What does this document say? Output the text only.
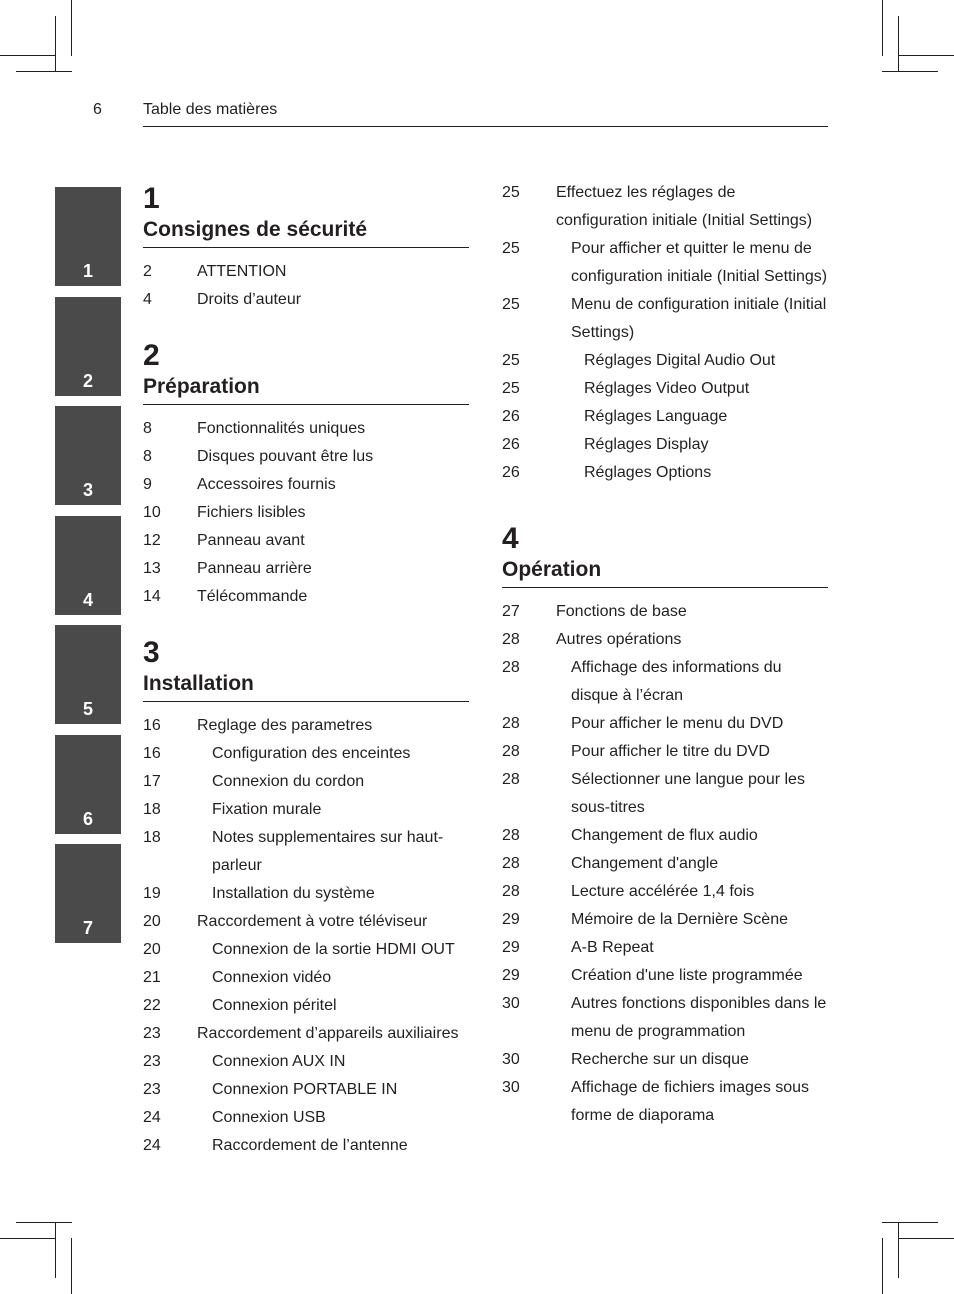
6	Table des matières
1
2
3
4
5
6
7
1
Consignes de sécurité
2	ATTENTION
4	Droits d’auteur
2
Préparation
8	Fonctionnalités uniques
8	Disques pouvant être lus
9	Accessoires fournis
10	Fichiers lisibles
12	Panneau avant
13	Panneau arrière
14	Télécommande
3
Installation
16	Reglage des parametres
16	Configuration des enceintes
17	Connexion du cordon
18	Fixation murale
18	Notes supplementaires sur haut-parleur
19	Installation du système
20	Raccordement à votre téléviseur
20	Connexion de la sortie HDMI OUT
21	Connexion vidéo
22	Connexion péritel
23	Raccordement d’appareils auxiliaires
23	Connexion AUX IN
23	Connexion PORTABLE IN
24	Connexion USB
24	Raccordement de l’antenne
25	Effectuez les réglages de configuration initiale (Initial Settings)
25	Pour afficher et quitter le menu de configuration initiale (Initial Settings)
25	Menu de configuration initiale (Initial Settings)
25	Réglages Digital Audio Out
25	Réglages Video Output
26	Réglages Language
26	Réglages Display
26	Réglages Options
4
Opération
27	Fonctions de base
28	Autres opérations
28	Affichage des informations du disque à l’écran
28	Pour afficher le menu du DVD
28	Pour afficher le titre du DVD
28	Sélectionner une langue pour les sous-titres
28	Changement de flux audio
28	Changement d'angle
28	Lecture accélérée 1,4 fois
29	Mémoire de la Dernière Scène
29	A-B Repeat
29	Création d'une liste programmée
30	Autres fonctions disponibles dans le menu de programmation
30	Recherche sur un disque
30	Affichage de fichiers images sous forme de diaporama
